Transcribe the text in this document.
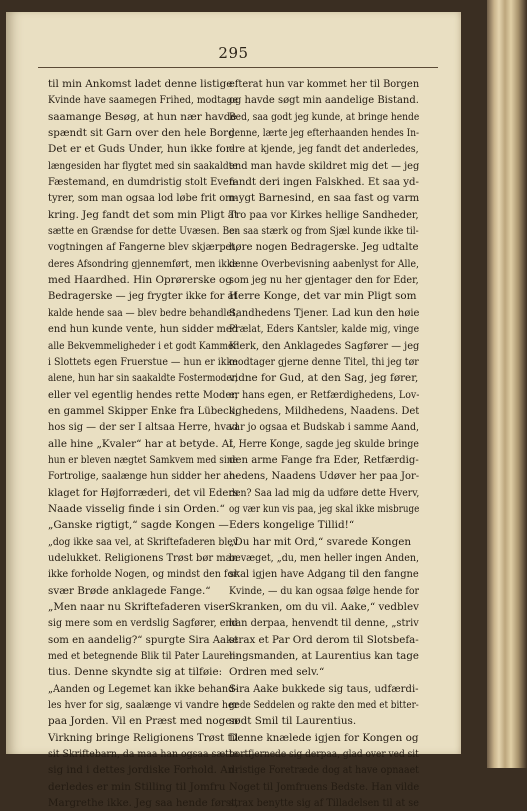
295
til min Ankomst ladet denne listige
Kvinde have saamegen Frihed, modtage
saamange Besøg, at hun nær havde
spændt sit Garn over den hele Borg.
Det er et Guds Under, hun ikke for-
længesiden har flygtet med sin saakaldte
Fæstemand, en dumdristig stolt Even-
tyrer, som man ogsaa lod løbe frit om-
kring. Jeg fandt det som min Pligt at
sætte en Grændse for dette Uvæsen. Be-
vogtningen af Fangerne blev skjærpet,
deres Afsondring gjennemført, men ikke
med Haardhed. Hin Oprørerske og
Bedragerske — jeg frygter ikke for at
kalde hende saa — blev bedre behandlet,
end hun kunde vente, hun sidder med
alle Bekvemmeligheder i et godt Kammer
i Slottets egen Fruerstue — hun er ikke
alene, hun har sin saakaldte Fostermoder,
eller vel egentlig hendes rette Moder,
en gammel Skipper Enke fra Lübeck,
hos sig — der ser I altsaa Herre, hvad
alle hine „Kvaler“ har at betyde. At
hun er bleven nægtet Samkvem med sine
Fortrolige, saalænge hun sidder her an-
klaget for Højforræderi, det vil Eders
Naade visselig finde i sin Orden.“
„Ganske rigtigt,“ sagde Kongen —
„dog ikke saa vel, at Skriftefaderen blev
udelukket. Religionens Trøst bør man
ikke forholde Nogen, og mindst den for
svær Brøde anklagede Fange.“
„Men naar nu Skriftefaderen viser
sig mere som en verdslig Sagfører, end
som en aandelig?“ spurgte Sira Aake
med et betegnende Blik til Pater Lauren-
tius. Denne skyndte sig at tilføie:
„Aanden og Legemet kan ikke behand-
les hver for sig, saalænge vi vandre her
paa Jorden. Vil en Præst med nogen
Virkning bringe Religionens Trøst til
sit Skriftebarn, da maa han ogsaa sætte
sig ind i dettes jordiske Forhold. An-
derledes er min Stilling til Jomfru
Margrethe ikke. Jeg saa hende først,
efterat hun var kommet her til Borgen
og havde søgt min aandelige Bistand.
Bed, saa godt jeg kunde, at bringe hende
denne, lærte jeg efterhaanden hendes In-
dre at kjende, jeg fandt det anderledes,
end man havde skildret mig det — jeg
fandt deri ingen Falskhed. Et saa yd-
mygt Barnesind, en saa fast og varm
Tro paa vor Kirkes hellige Sandheder,
en saa stærk og from Sjæl kunde ikke til-
høre nogen Bedragerske. Jeg udtalte
denne Overbevisning aabenlyst for Alle,
som jeg nu her gjentager den for Eder,
Herre Konge, det var min Pligt som
Sandhedens Tjener. Lad kun den høie
Prælat, Eders Kantsler, kalde mig, vinge
Klerk, den Anklagedes Sagfører — jeg
modtager gjerne denne Titel, thi jeg tør
vidne for Gud, at den Sag, jeg fører,
er hans egen, er Retfærdighedens, Lov-
lighedens, Mildhedens, Naadens. Det
var jo ogsaa et Budskab i samme Aand,
I, Herre Konge, sagde jeg skulde bringe
den arme Fange fra Eder, Retfærdig-
hedens, Naadens Udøver her paa Jor-
den? Saa lad mig da udføre dette Hverv,
og vær kun vis paa, jeg skal ikke misbruge
Eders kongelige Tillid!“
„Du har mit Ord,“ svarede Kongen
bevæget, „du, men heller ingen Anden,
skal igjen have Adgang til den fangne
Kvinde, — du kan ogsaa følge hende for
Skranken, om du vil. Aake,“ vedblev
han derpaa, henvendt til denne, „striv
strax et Par Ord derom til Slotsbefa-
lingsmanden, at Laurentius kan tage
Ordren med selv.“
Sira Aake bukkede sig taus, udfærdi-
gede Seddelen og rakte den med et bitter-
sødt Smil til Laurentius.
Denne knælede igjen for Kongen og
bortfjernede sig derpaa, glad over ved sit
dristige Foretræde dog at have opnaaet
Noget til Jomfruens Bedste. Han vilde
strax benytte sig af Tilladelsen til at se
